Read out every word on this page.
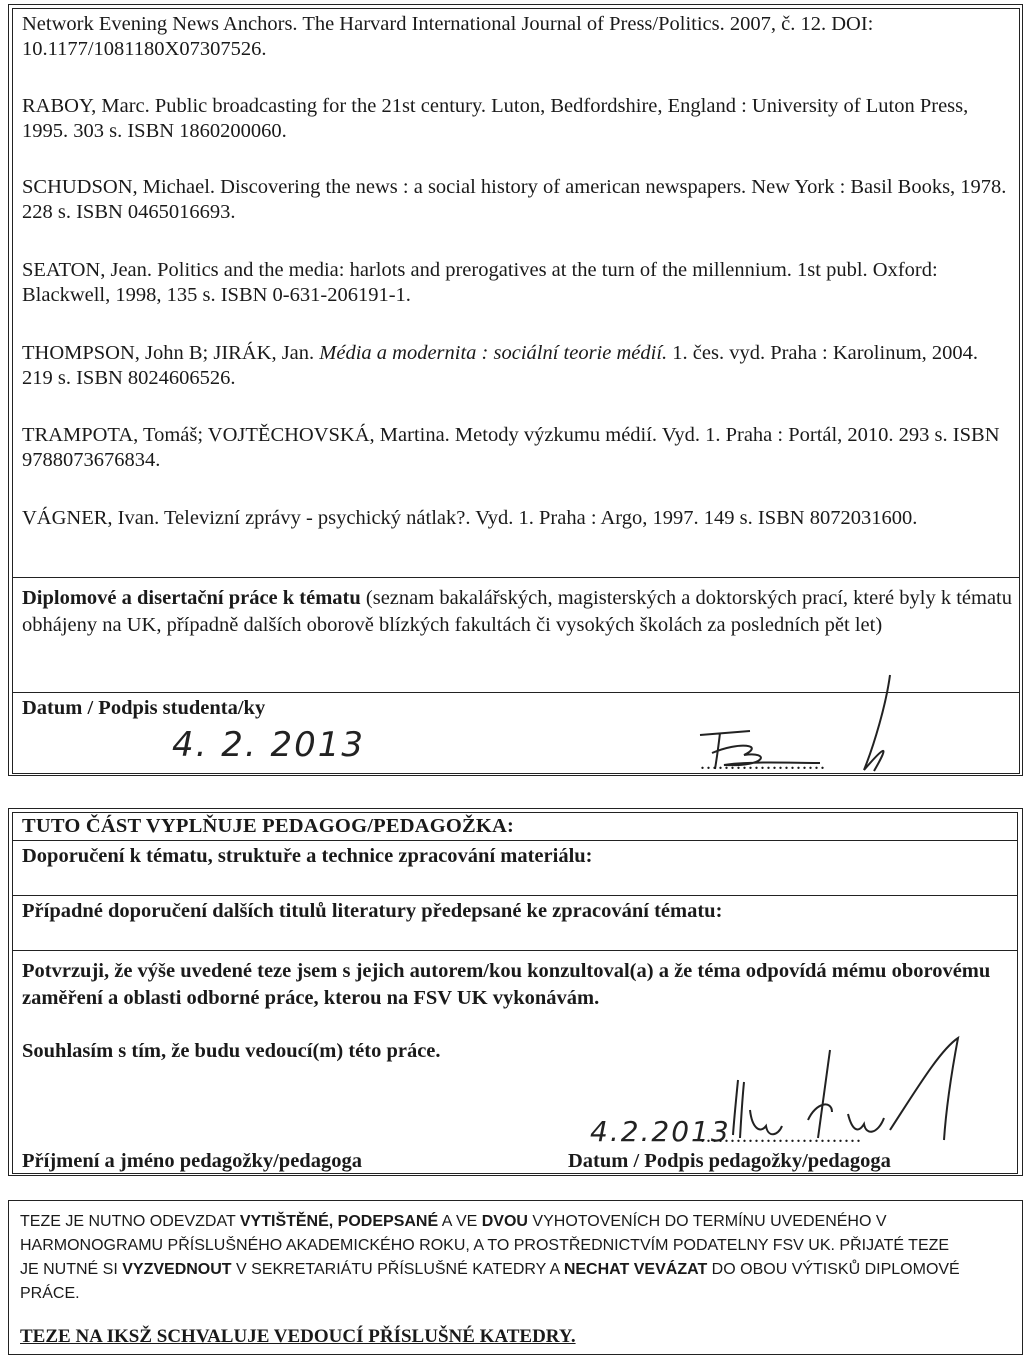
Network Evening News Anchors. The Harvard International Journal of Press/Politics. 2007, č. 12. DOI: 10.1177/1081180X07307526.

RABOY, Marc. Public broadcasting for the 21st century. Luton, Bedfordshire, England : University of Luton Press, 1995. 303 s. ISBN 1860200060.

SCHUDSON, Michael. Discovering the news : a social history of american newspapers. New York : Basil Books, 1978. 228 s. ISBN 0465016693.

SEATON, Jean. Politics and the media: harlots and prerogatives at the turn of the millennium. 1st publ. Oxford: Blackwell, 1998, 135 s. ISBN 0-631-206191-1.

THOMPSON, John B; JIRÁK, Jan. Média a modernita : sociální teorie médií. 1. čes. vyd. Praha : Karolinum, 2004. 219 s. ISBN 8024606526.

TRAMPOTA, Tomáš; VOJTĚCHOVSKÁ, Martina. Metody výzkumu médií. Vyd. 1. Praha : Portál, 2010. 293 s. ISBN 9788073676834.

VÁGNER, Ivan. Televizní zprávy - psychický nátlak?. Vyd. 1. Praha : Argo, 1997. 149 s. ISBN 8072031600.

Diplomové a disertační práce k tématu (seznam bakalářských, magisterských a doktorských prací, které byly k tématu obhájeny na UK, případně dalších oborově blízkých fakultách či vysokých školách za posledních pět let)

Datum / Podpis studenta/ky

4. 2. 2013	.....................

TUTO ČÁST VYPLŇUJE PEDAGOG/PEDAGOŽKA:

Doporučení k tématu, struktuře a technice zpracování materiálu:

Případné doporučení dalších titulů literatury předepsané ke zpracování tématu:

Potvrzuji, že výše uvedené teze jsem s jejich autorem/kou konzultoval(a) a že téma odpovídá mému oborovému zaměření a oblasti odborné práce, kterou na FSV UK vykonávám.

Souhlasím s tím, že budu vedoucí(m) této práce.

4.2.2013
...........................

Příjmení a jméno pedagožky/pedagoga	Datum / Podpis pedagožky/pedagoga

TEZE JE NUTNO ODEVZDAT VYTIŠTĚNÉ, PODEPSANÉ A VE DVOU VYHOTOVENÍCH DO TERMÍNU UVEDENÉHO V HARMONOGRAMU PŘÍSLUŠNÉHO AKADEMICKÉHO ROKU, A TO PROSTŘEDNICTVÍM PODATELNY FSV UK. PŘIJATÉ TEZE JE NUTNÉ SI VYZVEDNOUT V SEKRETARIÁTU PŘÍSLUŠNÉ KATEDRY A NECHAT VEVÁZAT DO OBOU VÝTISKŮ DIPLOMOVÉ PRÁCE.

TEZE NA IKSŽ SCHVALUJE VEDOUCÍ PŘÍSLUŠNÉ KATEDRY.
